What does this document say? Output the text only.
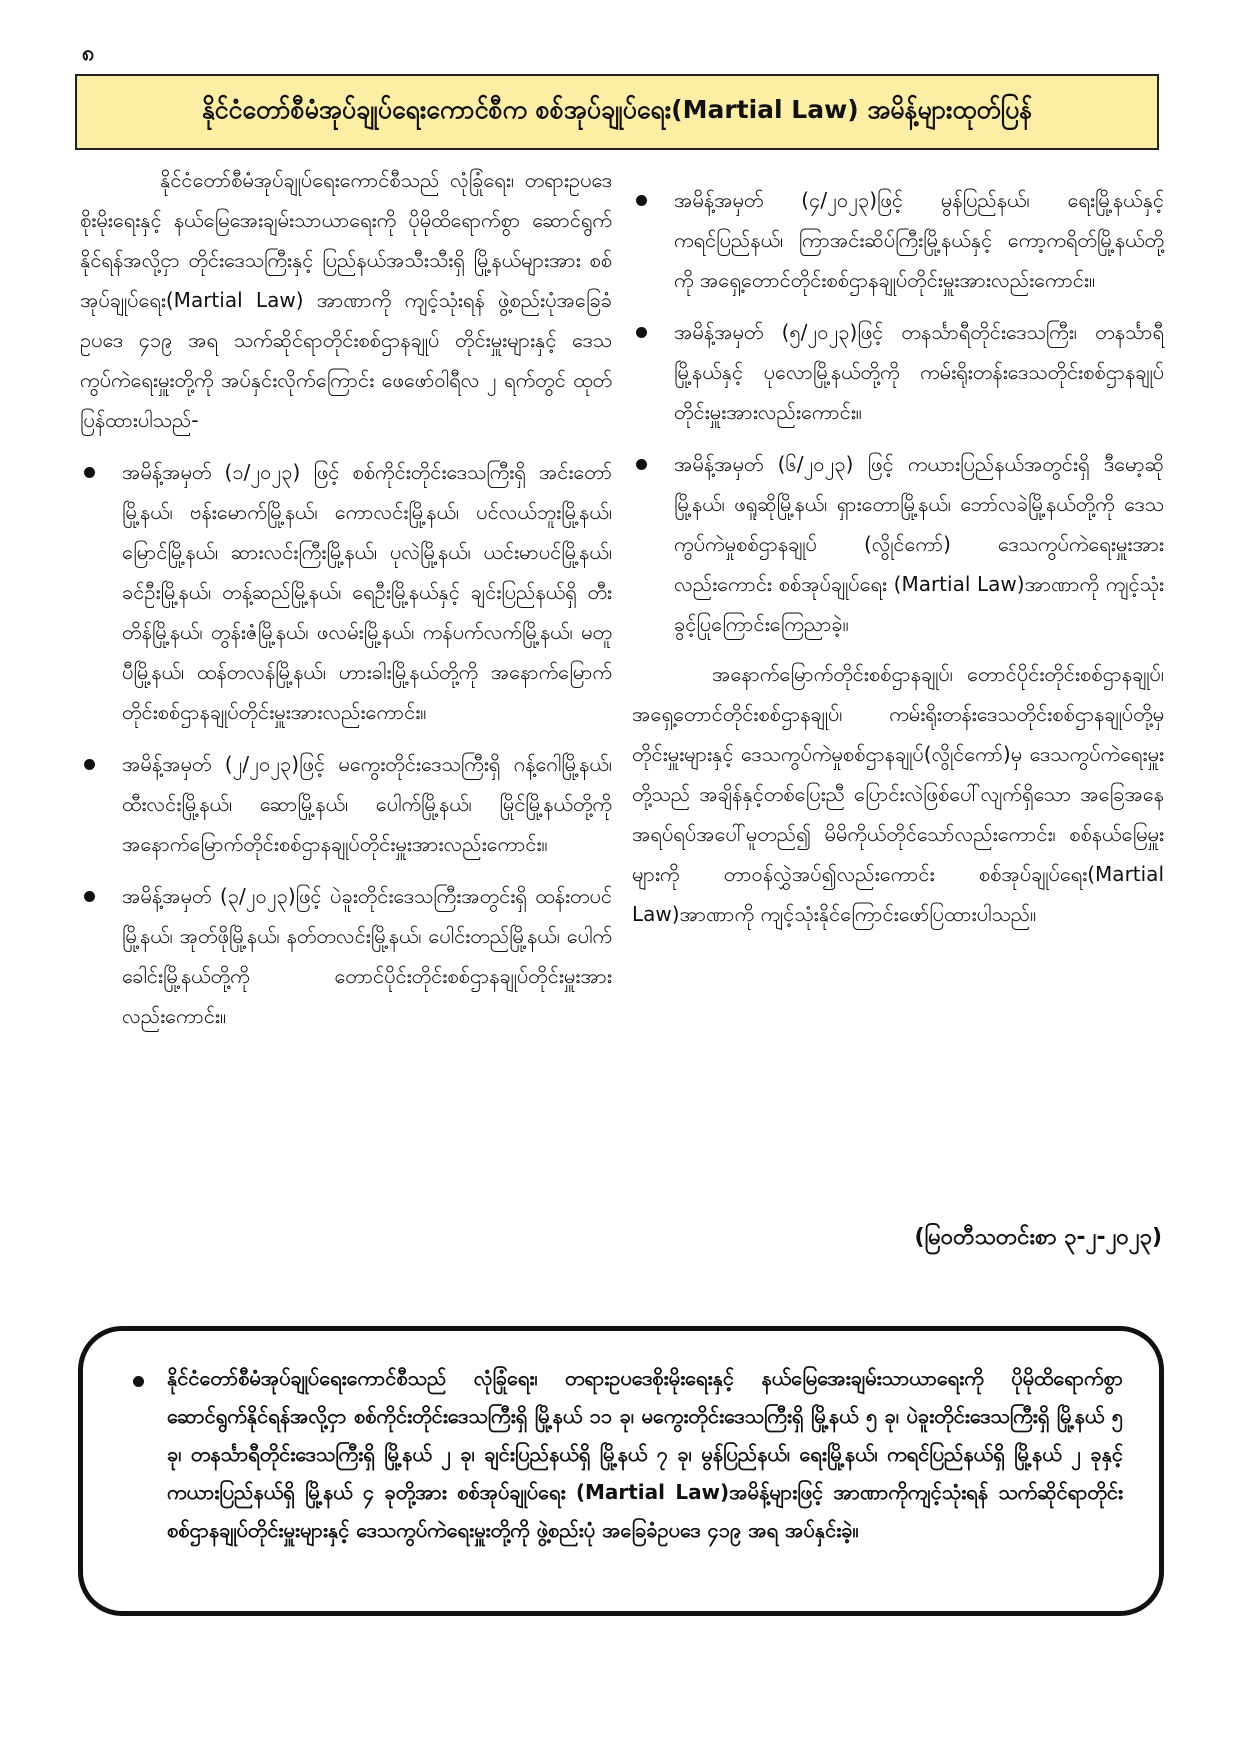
၈
နိုင်ငံတော်စီမံအုပ်ချုပ်ရေးကောင်စီက စစ်အုပ်ချုပ်ရေး(Martial Law) အမိန့်များထုတ်ပြန်

နိုင်ငံတော်စီမံအုပ်ချုပ်ရေးကောင်စီသည် လုံခြုံရေး၊ တရားဥပဒေစိုးမိုးရေးနှင့် နယ်မြေအေးချမ်းသာယာရေးကို ပိုမိုထိရောက်စွာ ဆောင်ရွက်နိုင်ရန်အလို့ငှာ တိုင်းဒေသကြီးနှင့် ပြည်နယ်အသီးသီးရှိ မြို့နယ်များအား စစ်အုပ်ချုပ်ရေး(Martial Law) အာဏာကို ကျင့်သုံးရန် ဖွဲ့စည်းပုံအခြေခံဥပဒေ ၄၁၉ အရ သက်ဆိုင်ရာတိုင်းစစ်ဌာနချုပ် တိုင်းမှူးများနှင့် ဒေသကွပ်ကဲရေးမှူးတို့ကို အပ်နှင်းလိုက်ကြောင်း ဖေဖော်ဝါရီလ ၂ ရက်တွင် ထုတ်ပြန်ထားပါသည်-

အမိန့်အမှတ် (၁/၂၀၂၃) ဖြင့် စစ်ကိုင်းတိုင်းဒေသကြီးရှိ အင်းတော်မြို့နယ်၊ ဗန်းမောက်မြို့နယ်၊ ကောလင်းမြို့နယ်၊ ပင်လယ်ဘူးမြို့နယ်၊ မြောင်မြို့နယ်၊ ဆားလင်းကြီးမြို့နယ်၊ ပုလဲမြို့နယ်၊ ယင်းမာပင်မြို့နယ်၊ ခင်ဦးမြို့နယ်၊ တန့်ဆည်မြို့နယ်၊ ရေဦးမြို့နယ်နှင့် ချင်းပြည်နယ်ရှိ တီးတိန်မြို့နယ်၊ တွန်းဇံမြို့နယ်၊ ဖလမ်းမြို့နယ်၊ ကန်ပက်လက်မြို့နယ်၊ မတူပီမြို့နယ်၊ ထန်တလန်မြို့နယ်၊ ဟားခါးမြို့နယ်တို့ကို အနောက်မြောက်တိုင်းစစ်ဌာနချုပ်တိုင်းမှူးအားလည်းကောင်း။
အမိန့်အမှတ် (၂/၂၀၂၃)ဖြင့် မကွေးတိုင်းဒေသကြီးရှိ ဂန့်ဂေါမြို့နယ်၊ ထီးလင်းမြို့နယ်၊ ဆောမြို့နယ်၊ ပေါက်မြို့နယ်၊ မြိုင်မြို့နယ်တို့ကို အနောက်မြောက်တိုင်းစစ်ဌာနချုပ်တိုင်းမှူးအားလည်းကောင်း။
အမိန့်အမှတ် (၃/၂၀၂၃)ဖြင့် ပဲခူးတိုင်းဒေသကြီးအတွင်းရှိ ထန်းတပင်မြို့နယ်၊ အုတ်ဖိုမြို့နယ်၊ နတ်တလင်းမြို့နယ်၊ ပေါင်းတည်မြို့နယ်၊ ပေါက်ခေါင်းမြို့နယ်တို့ကို တောင်ပိုင်းတိုင်းစစ်ဌာနချုပ်တိုင်းမှူးအားလည်းကောင်း။
အမိန့်အမှတ် (၄/၂၀၂၃)ဖြင့် မွန်ပြည်နယ်၊ ရေးမြို့နယ်နှင့် ကရင်ပြည်နယ်၊ ကြာအင်းဆိပ်ကြီးမြို့နယ်နှင့် ကော့ကရိတ်မြို့နယ်တို့ကို အရှေ့တောင်တိုင်းစစ်ဌာနချုပ်တိုင်းမှူးအားလည်းကောင်း။
အမိန့်အမှတ် (၅/၂၀၂၃)ဖြင့် တနင်္သာရီတိုင်းဒေသကြီး၊ တနင်္သာရီမြို့နယ်နှင့် ပုလောမြို့နယ်တို့ကို ကမ်းရိုးတန်းဒေသတိုင်းစစ်ဌာနချုပ် တိုင်းမှူးအားလည်းကောင်း။
အမိန့်အမှတ် (၆/၂၀၂၃) ဖြင့် ကယားပြည်နယ်အတွင်းရှိ ဒီမော့ဆိုမြို့နယ်၊ ဖရူဆိုမြို့နယ်၊ ရှားတောမြို့နယ်၊ ဘော်လခဲမြို့နယ်တို့ကို ဒေသကွပ်ကဲမှုစစ်ဌာနချုပ် (လွိုင်ကော်) ဒေသကွပ်ကဲရေးမှူးအားလည်းကောင်း စစ်အုပ်ချုပ်ရေး (Martial Law)အာဏာကို ကျင့်သုံးခွင့်ပြုကြောင်းကြေညာခဲ့။

အနောက်မြောက်တိုင်းစစ်ဌာနချုပ်၊ တောင်ပိုင်းတိုင်းစစ်ဌာနချုပ်၊ အရှေ့တောင်တိုင်းစစ်ဌာနချုပ်၊ ကမ်းရိုးတန်းဒေသတိုင်းစစ်ဌာနချုပ်တို့မှ တိုင်းမှူးများနှင့် ဒေသကွပ်ကဲမှုစစ်ဌာနချုပ်(လွိုင်ကော်)မှ ဒေသကွပ်ကဲရေးမှူးတို့သည် အချိန်နှင့်တစ်ပြေးညီ ပြောင်းလဲဖြစ်ပေါ်လျက်ရှိသော အခြေအနေအရပ်ရပ်အပေါ်မူတည်၍ မိမိကိုယ်တိုင်သော်လည်းကောင်း၊ စစ်နယ်မြေမှူးများကို တာဝန်လွှဲအပ်၍လည်းကောင်း စစ်အုပ်ချုပ်ရေး(Martial Law)အာဏာကို ကျင့်သုံးနိုင်ကြောင်းဖော်ပြထားပါသည်။

(မြဝတီသတင်းစာ ၃-၂-၂၀၂၃)

နိုင်ငံတော်စီမံအုပ်ချုပ်ရေးကောင်စီသည် လုံခြုံရေး၊ တရားဥပဒေစိုးမိုးရေးနှင့် နယ်မြေအေးချမ်းသာယာရေးကို ပိုမိုထိရောက်စွာ ဆောင်ရွက်နိုင်ရန်အလို့ငှာ စစ်ကိုင်းတိုင်းဒေသကြီးရှိ မြို့နယ် ၁၁ ခု၊ မကွေးတိုင်းဒေသကြီးရှိ မြို့နယ် ၅ ခု၊ ပဲခူးတိုင်းဒေသကြီးရှိ မြို့နယ် ၅ ခု၊ တနင်္သာရီတိုင်းဒေသကြီးရှိ မြို့နယ် ၂ ခု၊ ချင်းပြည်နယ်ရှိ မြို့နယ် ၇ ခု၊ မွန်ပြည်နယ်၊ ရေးမြို့နယ်၊ ကရင်ပြည်နယ်ရှိ မြို့နယ် ၂ ခုနှင့် ကယားပြည်နယ်ရှိ မြို့နယ် ၄ ခုတို့အား စစ်အုပ်ချုပ်ရေး (Martial Law)အမိန့်များဖြင့် အာဏာကိုကျင့်သုံးရန် သက်ဆိုင်ရာတိုင်းစစ်ဌာနချုပ်တိုင်းမှူးများနှင့် ဒေသကွပ်ကဲရေးမှူးတို့ကို ဖွဲ့စည်းပုံ အခြေခံဥပဒေ ၄၁၉ အရ အပ်နှင်းခဲ့။
